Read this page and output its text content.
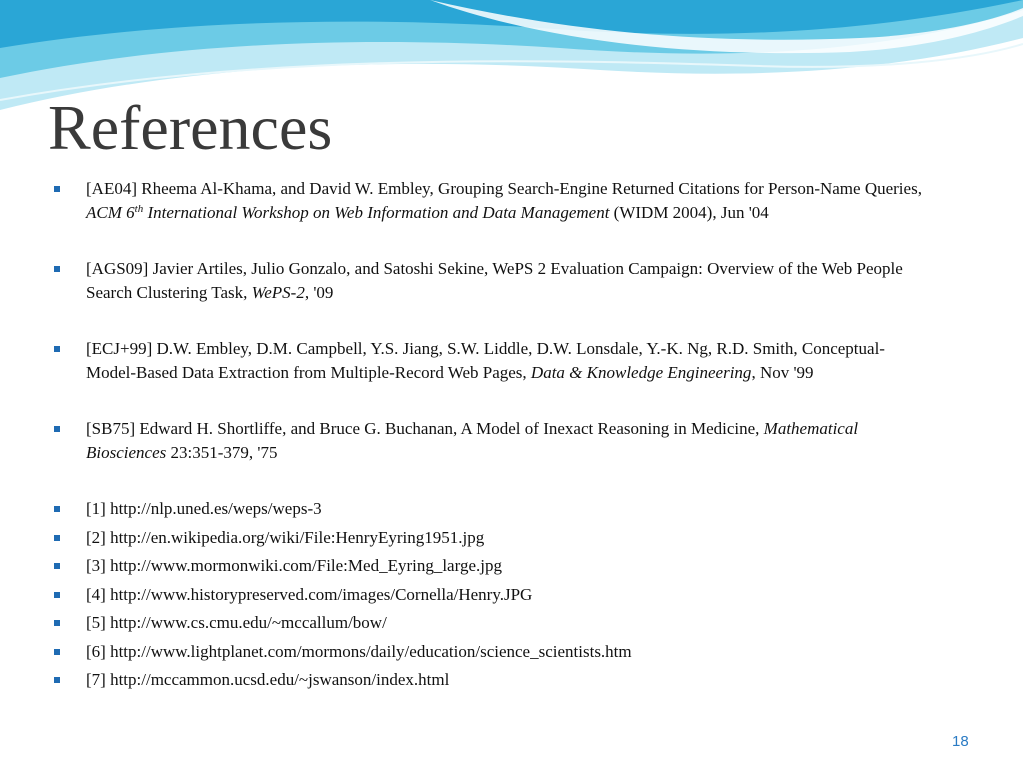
References
[AE04] Rheema Al-Khama, and David W. Embley, Grouping Search-Engine Returned Citations for Person-Name Queries, ACM 6th International Workshop on Web Information and Data Management (WIDM 2004), Jun '04
[AGS09] Javier Artiles, Julio Gonzalo, and Satoshi Sekine, WePS 2 Evaluation Campaign: Overview of the Web People Search Clustering Task, WePS-2, '09
[ECJ+99] D.W. Embley, D.M. Campbell, Y.S. Jiang, S.W. Liddle, D.W. Lonsdale, Y.-K. Ng, R.D. Smith, Conceptual-Model-Based Data Extraction from Multiple-Record Web Pages, Data & Knowledge Engineering, Nov '99
[SB75] Edward H. Shortliffe, and Bruce G. Buchanan, A Model of Inexact Reasoning in Medicine, Mathematical Biosciences 23:351-379, '75
[1] http://nlp.uned.es/weps/weps-3
[2] http://en.wikipedia.org/wiki/File:HenryEyring1951.jpg
[3] http://www.mormonwiki.com/File:Med_Eyring_large.jpg
[4] http://www.historypreserved.com/images/Cornella/Henry.JPG
[5] http://www.cs.cmu.edu/~mccallum/bow/
[6] http://www.lightplanet.com/mormons/daily/education/science_scientists.htm
[7] http://mccammon.ucsd.edu/~jswanson/index.html
18
